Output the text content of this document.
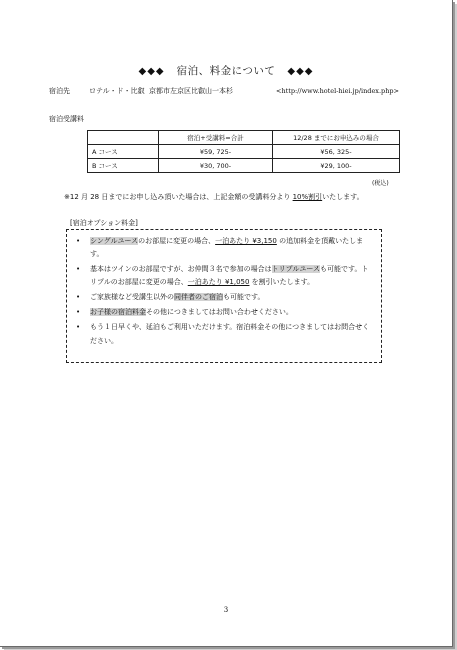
◆◆◆ 宿泊、料金について ◆◆◆
宿泊先	ロテル・ド・比叡 京都市左京区比叡山一本杉	<http://www.hotel-hiei.jp/index.php>
宿泊受講料
	宿泊+受講料=合計	12/28 までにお申込みの場合
A コース	¥59, 725-	¥56, 325-
B コース	¥30, 700-	¥29, 100-
(税込)
※12 月 28 日までにお申し込み頂いた場合は、上記金額の受講料分より 10%割引いたします。
[宿泊オプション料金]
• シングルユースのお部屋に変更の場合、一泊あたり ¥3,150 の追加料金を頂戴いたします。
• 基本はツインのお部屋ですが、お仲間３名で参加の場合はトリプルユースも可能です。トリプルのお部屋に変更の場合、一泊あたり ¥1,050 を割引いたします。
• ご家族様など受講生以外の同伴者のご宿泊も可能です。
• お子様の宿泊料金その他につきましてはお問い合わせください。
• もう１日早くや、延泊もご利用いただけます。宿泊料金その他につきましてはお問合せください。
3
